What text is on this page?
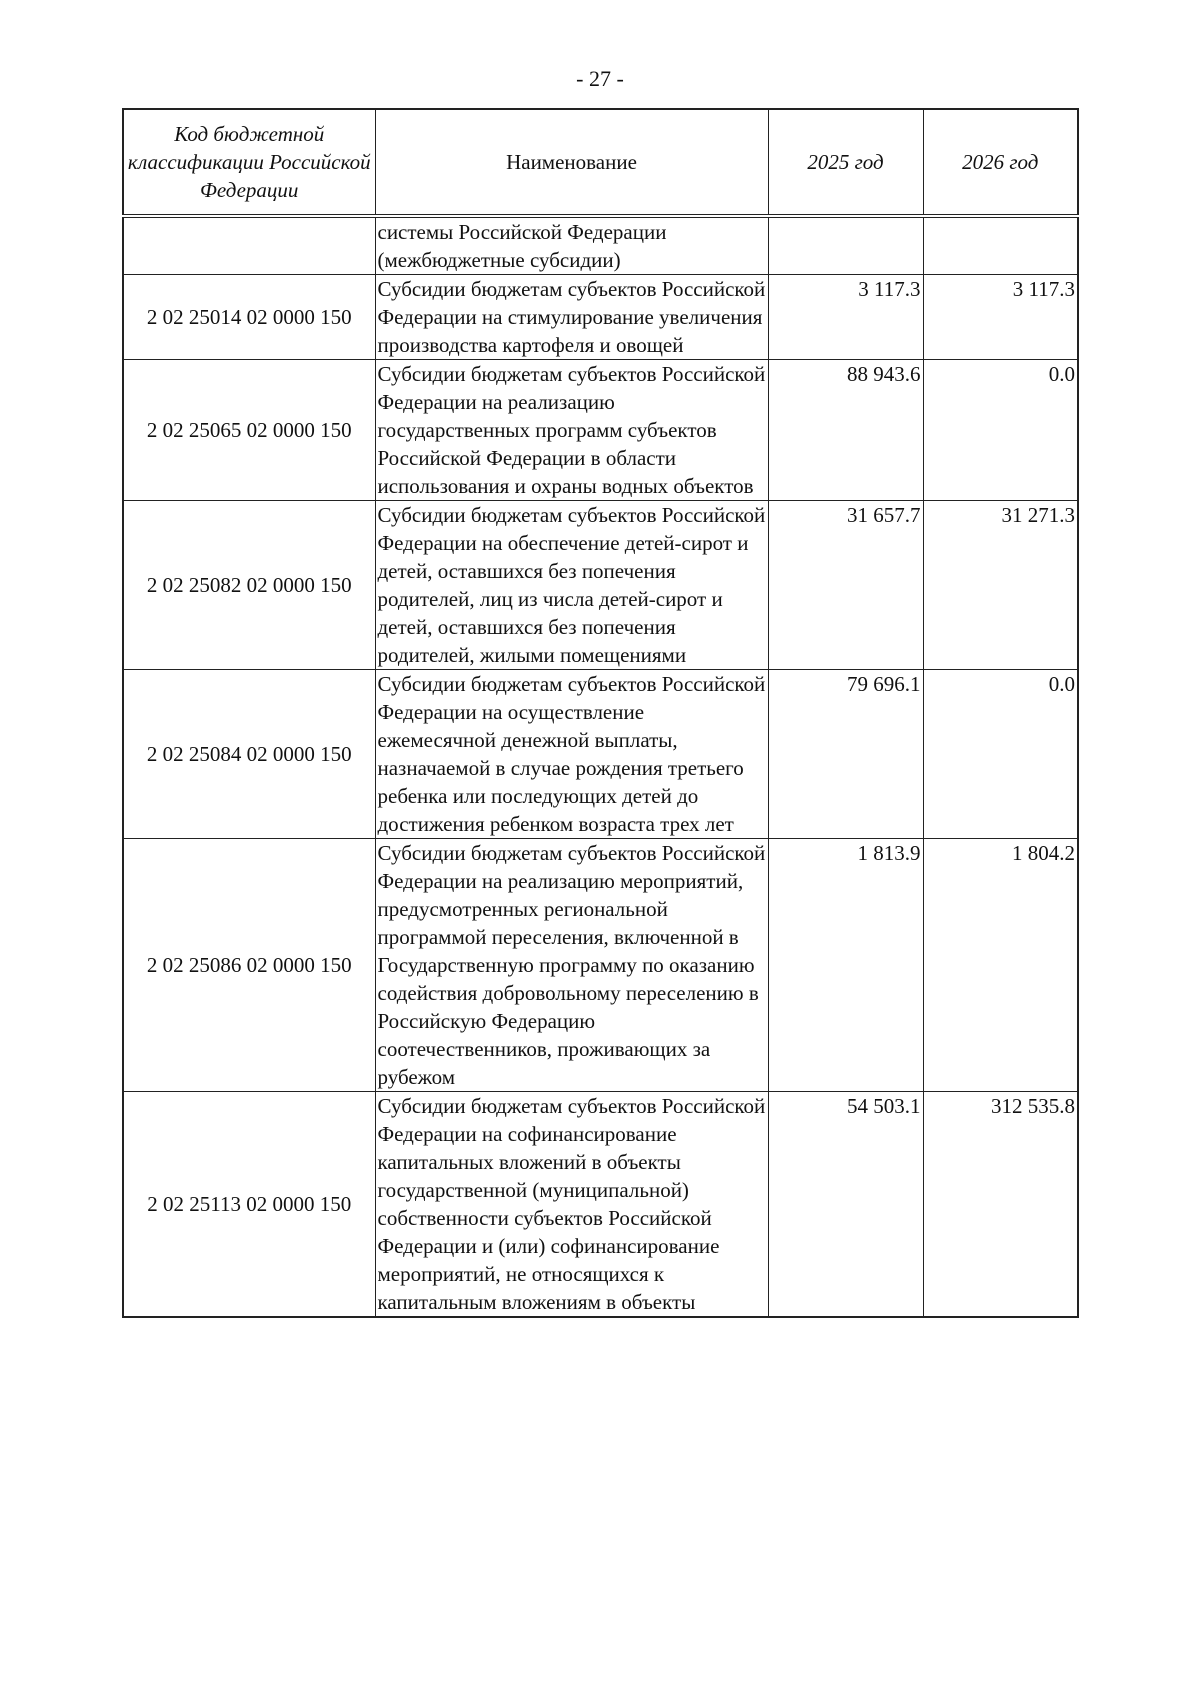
- 27 -
Код бюджетной классификации Российской Федерации	Наименование	2025 год	2026 год
	системы Российской Федерации (межбюджетные субсидии)		
2 02 25014 02 0000 150	Субсидии бюджетам субъектов Российской Федерации на стимулирование увеличения производства картофеля и овощей	3 117.3	3 117.3
2 02 25065 02 0000 150	Субсидии бюджетам субъектов Российской Федерации на реализацию государственных программ субъектов Российской Федерации в области использования и охраны водных объектов	88 943.6	0.0
2 02 25082 02 0000 150	Субсидии бюджетам субъектов Российской Федерации на обеспечение детей-сирот и детей, оставшихся без попечения родителей, лиц из числа детей-сирот и детей, оставшихся без попечения родителей, жилыми помещениями	31 657.7	31 271.3
2 02 25084 02 0000 150	Субсидии бюджетам субъектов Российской Федерации на осуществление ежемесячной денежной выплаты, назначаемой в случае рождения третьего ребенка или последующих детей до достижения ребенком возраста трех лет	79 696.1	0.0
2 02 25086 02 0000 150	Субсидии бюджетам субъектов Российской Федерации на реализацию мероприятий, предусмотренных региональной программой переселения, включенной в Государственную программу по оказанию содействия добровольному переселению в Российскую Федерацию соотечественников, проживающих за рубежом	1 813.9	1 804.2
2 02 25113 02 0000 150	Субсидии бюджетам субъектов Российской Федерации на софинансирование капитальных вложений в объекты государственной (муниципальной) собственности субъектов Российской Федерации и (или) софинансирование мероприятий, не относящихся к капитальным вложениям в объекты	54 503.1	312 535.8
